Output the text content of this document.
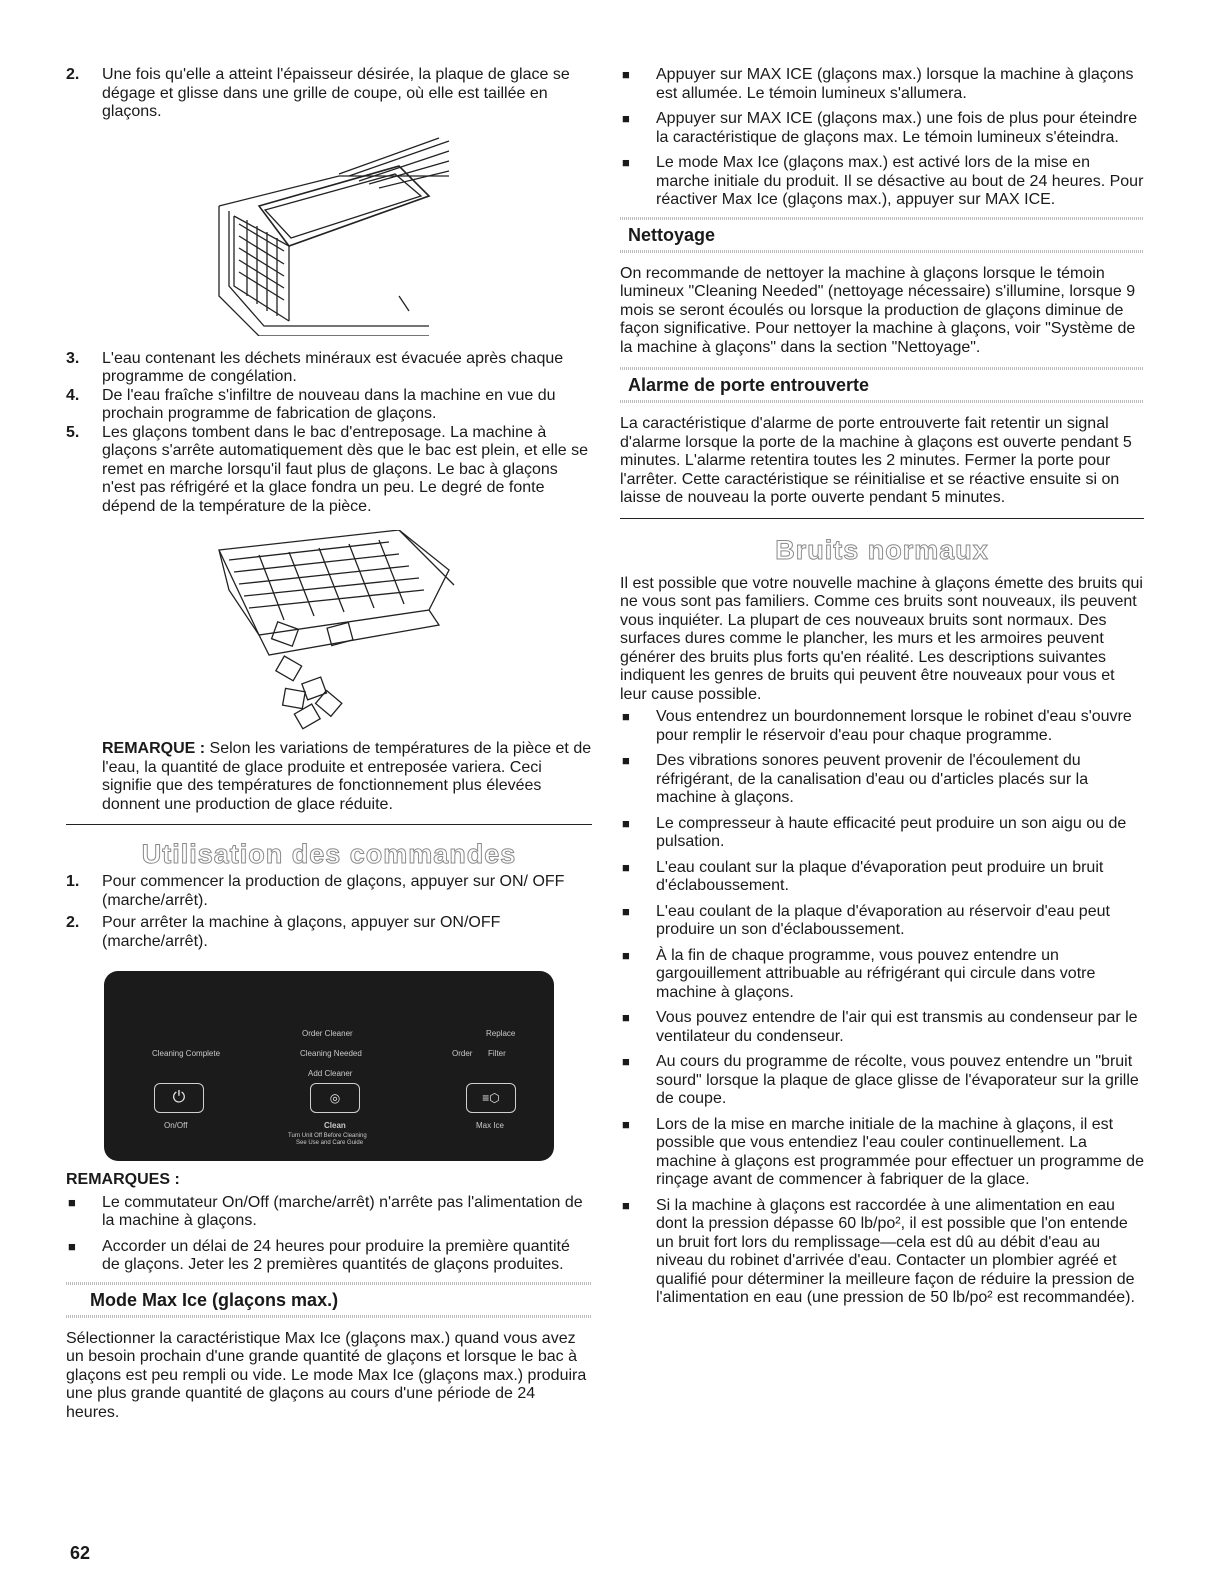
2. Une fois qu'elle a atteint l'épaisseur désirée, la plaque de glace se dégage et glisse dans une grille de coupe, où elle est taillée en glaçons.
3. L'eau contenant les déchets minéraux est évacuée après chaque programme de congélation.
4. De l'eau fraîche s'infiltre de nouveau dans la machine en vue du prochain programme de fabrication de glaçons.
5. Les glaçons tombent dans le bac d'entreposage. La machine à glaçons s'arrête automatiquement dès que le bac est plein, et elle se remet en marche lorsqu'il faut plus de glaçons. Le bac à glaçons n'est pas réfrigéré et la glace fondra un peu. Le degré de fonte dépend de la température de la pièce.

REMARQUE : Selon les variations de températures de la pièce et de l'eau, la quantité de glace produite et entreposée variera. Ceci signifie que des températures de fonctionnement plus élevées donnent une production de glace réduite.

Utilisation des commandes
1. Pour commencer la production de glaçons, appuyer sur ON/ OFF (marche/arrêt).
2. Pour arrêter la machine à glaçons, appuyer sur ON/OFF (marche/arrêt).
Cleaning Complete
Order Cleaner
Cleaning Needed
Add Cleaner
Replace
Order Filter
⏻	◎	≡⬡
On/Off	Clean	Max Ice
Turn Unit Off Before Cleaning
See Use and Care Guide

REMARQUES :

■ Le commutateur On/Off (marche/arrêt) n'arrête pas l'alimentation de la machine à glaçons.
■ Accorder un délai de 24 heures pour produire la première quantité de glaçons. Jeter les 2 premières quantités de glaçons produites.
Mode Max Ice (glaçons max.)

Sélectionner la caractéristique Max Ice (glaçons max.) quand vous avez un besoin prochain d'une grande quantité de glaçons et lorsque le bac à glaçons est peu rempli ou vide. Le mode Max Ice (glaçons max.) produira une plus grande quantité de glaçons au cours d'une période de 24 heures.

■ Appuyer sur MAX ICE (glaçons max.) lorsque la machine à glaçons est allumée. Le témoin lumineux s'allumera.
■ Appuyer sur MAX ICE (glaçons max.) une fois de plus pour éteindre la caractéristique de glaçons max. Le témoin lumineux s'éteindra.
■ Le mode Max Ice (glaçons max.) est activé lors de la mise en marche initiale du produit. Il se désactive au bout de 24 heures. Pour réactiver Max Ice (glaçons max.), appuyer sur MAX ICE.
Nettoyage

On recommande de nettoyer la machine à glaçons lorsque le témoin lumineux "Cleaning Needed" (nettoyage nécessaire) s'illumine, lorsque 9 mois se seront écoulés ou lorsque la production de glaçons diminue de façon significative. Pour nettoyer la machine à glaçons, voir "Système de la machine à glaçons" dans la section "Nettoyage".

Alarme de porte entrouverte

La caractéristique d'alarme de porte entrouverte fait retentir un signal d'alarme lorsque la porte de la machine à glaçons est ouverte pendant 5 minutes. L'alarme retentira toutes les 2 minutes. Fermer la porte pour l'arrêter. Cette caractéristique se réinitialise et se réactive ensuite si on laisse de nouveau la porte ouverte pendant 5 minutes.

Bruits normaux

Il est possible que votre nouvelle machine à glaçons émette des bruits qui ne vous sont pas familiers. Comme ces bruits sont nouveaux, ils peuvent vous inquiéter. La plupart de ces nouveaux bruits sont normaux. Des surfaces dures comme le plancher, les murs et les armoires peuvent générer des bruits plus forts qu'en réalité. Les descriptions suivantes indiquent les genres de bruits qui peuvent être nouveaux pour vous et leur cause possible.

■ Vous entendrez un bourdonnement lorsque le robinet d'eau s'ouvre pour remplir le réservoir d'eau pour chaque programme.
■ Des vibrations sonores peuvent provenir de l'écoulement du réfrigérant, de la canalisation d'eau ou d'articles placés sur la machine à glaçons.
■ Le compresseur à haute efficacité peut produire un son aigu ou de pulsation.
■ L'eau coulant sur la plaque d'évaporation peut produire un bruit d'éclaboussement.
■ L'eau coulant de la plaque d'évaporation au réservoir d'eau peut produire un son d'éclaboussement.
■ À la fin de chaque programme, vous pouvez entendre un gargouillement attribuable au réfrigérant qui circule dans votre machine à glaçons.
■ Vous pouvez entendre de l'air qui est transmis au condenseur par le ventilateur du condenseur.
■ Au cours du programme de récolte, vous pouvez entendre un "bruit sourd" lorsque la plaque de glace glisse de l'évaporateur sur la grille de coupe.
■ Lors de la mise en marche initiale de la machine à glaçons, il est possible que vous entendiez l'eau couler continuellement. La machine à glaçons est programmée pour effectuer un programme de rinçage avant de commencer à fabriquer de la glace.
■ Si la machine à glaçons est raccordée à une alimentation en eau dont la pression dépasse 60 lb/po², il est possible que l'on entende un bruit fort lors du remplissage—cela est dû au débit d'eau au niveau du robinet d'arrivée d'eau. Contacter un plombier agréé et qualifié pour déterminer la meilleure façon de réduire la pression de l'alimentation en eau (une pression de 50 lb/po² est recommandée).
62
